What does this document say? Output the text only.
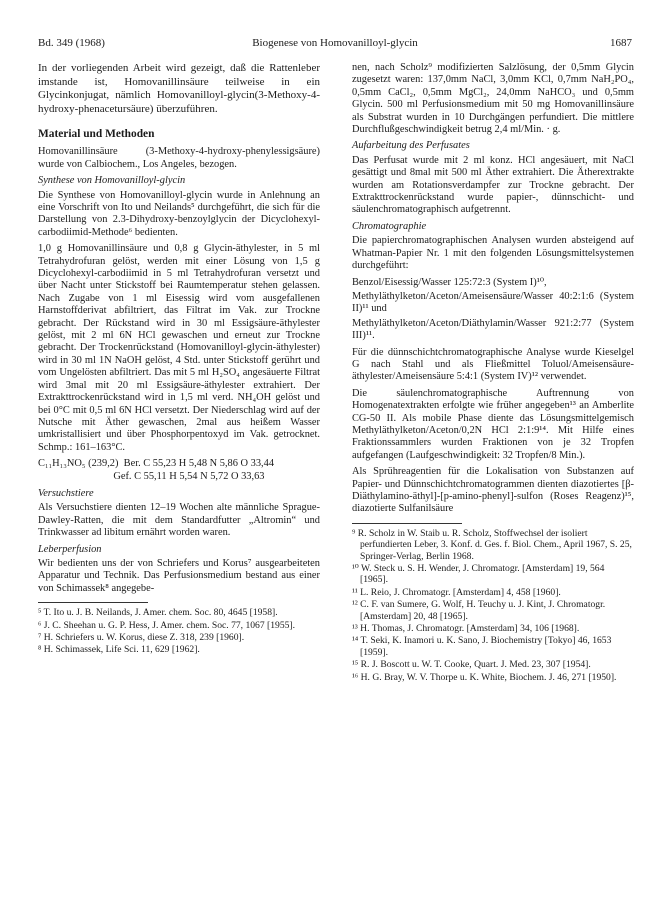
Bd. 349 (1968)	Biogenese von Homovanilloyl-glycin	1687

In der vorliegenden Arbeit wird gezeigt, daß die Rattenleber imstande ist, Homovanillinsäure teilweise in ein Glycinkonjugat, nämlich Homovanilloyl-glycin(3-Methoxy-4-hydroxy-phenacetursäure) überzuführen.

Material und Methoden

Homovanillinsäure (3-Methoxy-4-hydroxy-phenylessigsäure) wurde von Calbiochem., Los Angeles, bezogen.

Synthese von Homovanilloyl-glycin

Die Synthese von Homovanilloyl-glycin wurde in Anlehnung an eine Vorschrift von Ito und Neilands⁵ durchgeführt, die sich für die Darstellung von 2.3-Dihydroxy-benzoylglycin der Dicyclohexyl-carbodiimid-Methode⁶ bedienten.

1,0 g Homovanillinsäure und 0,8 g Glycin-äthylester, in 5 ml Tetrahydrofuran gelöst, werden mit einer Lösung von 1,5 g Dicyclohexyl-carbodiimid in 5 ml Tetrahydrofuran versetzt und über Nacht unter Stickstoff bei Raumtemperatur stehen gelassen. Nach Zugabe von 1 ml Eisessig wird vom ausgefallenen Harnstoffderivat abfiltriert, das Filtrat im Vak. zur Trockne gebracht. Der Rückstand wird in 30 ml Essigsäure-äthylester gelöst, mit 2 ml 6N HCl gewaschen und erneut zur Trockne gebracht. Der Trockenrückstand (Homovanilloyl-glycin-äthylester) wird in 30 ml 1N NaOH gelöst, 4 Std. unter Stickstoff gerührt und vom Ungelösten abfiltriert. Das mit 5 ml H₂SO₄ angesäuerte Filtrat wird 3mal mit 20 ml Essigsäure-äthylester extrahiert. Der Extrakttrockenrückstand wird in 1,5 ml verd. NH₄OH gelöst und bei 0°C mit 0,5 ml 6N HCl versetzt. Der Niederschlag wird auf der Nutsche mit Äther gewaschen, 2mal aus heißem Wasser umkristallisiert und über Phosphorpentoxyd im Vak. getrocknet. Schmp.: 161–163°C.

C₁₁H₁₃NO₅ (239,2)  Ber. C 55,23 H 5,48 N 5,86 O 33,44
Gef. C 55,11 H 5,54 N 5,72 O 33,63
Versuchstiere

Als Versuchstiere dienten 12–19 Wochen alte männliche Sprague-Dawley-Ratten, die mit dem Standardfutter „Altromin“ und Trinkwasser ad libitum ernährt worden waren.

Leberperfusion

Wir bedienten uns der von Schriefers und Korus⁷ ausgearbeiteten Apparatur und Technik. Das Perfusionsmedium bestand aus einer von Schimassek⁸ angegebe-

⁵ T. Ito u. J. B. Neilands, J. Amer. chem. Soc. 80, 4645 [1958].

⁶ J. C. Sheehan u. G. P. Hess, J. Amer. chem. Soc. 77, 1067 [1955].

⁷ H. Schriefers u. W. Korus, diese Z. 318, 239 [1960].

⁸ H. Schimassek, Life Sci. 11, 629 [1962].

nen, nach Scholz⁹ modifizierten Salzlösung, der 0,5mm Glycin zugesetzt waren: 137,0mm NaCl, 3,0mm KCl, 0,7mm NaH₂PO₄, 0,5mm CaCl₂, 0,5mm MgCl₂, 24,0mm NaHCO₃ und 0,5mm Glycin. 500 ml Perfusionsmedium mit 50 mg Homovanillinsäure als Substrat wurden in 10 Durchgängen perfundiert. Die mittlere Durchflußgeschwindigkeit betrug 2,4 ml/Min. · g.

Aufarbeitung des Perfusates

Das Perfusat wurde mit 2 ml konz. HCl angesäuert, mit NaCl gesättigt und 8mal mit 500 ml Äther extrahiert. Die Ätherextrakte wurden am Rotationsverdampfer zur Trockne gebracht. Der Extrakttrockenrückstand wurde papier-, dünnschicht- und säulenchromatographisch aufgetrennt.

Chromatographie

Die papierchromatographischen Analysen wurden absteigend auf Whatman-Papier Nr. 1 mit den folgenden Lösungsmittelsystemen durchgeführt:

Benzol/Eisessig/Wasser 125:72:3 (System I)¹⁰,

Methyläthylketon/Aceton/Ameisensäure/Wasser 40:2:1:6 (System II)¹¹ und

Methyläthylketon/Aceton/Diäthylamin/Wasser 921:2:77 (System III)¹¹.

Für die dünnschichtchromatographische Analyse wurde Kieselgel G nach Stahl und als Fließmittel Toluol/Ameisensäure-äthylester/Ameisensäure 5:4:1 (System IV)¹² verwendet.

Die säulenchromatographische Auftrennung von Homogenatextrakten erfolgte wie früher angegeben¹³ an Amberlite CG-50 II. Als mobile Phase diente das Lösungsmittelgemisch Methyläthylketon/Aceton/0,2N HCl 2:1:9¹⁴. Mit Hilfe eines Fraktionssammlers wurden Fraktionen von je 32 Tropfen aufgefangen (Laufgeschwindigkeit: 32 Tropfen/8 Min.).

Als Sprühreagentien für die Lokalisation von Substanzen auf Papier- und Dünnschichtchromatogrammen dienten diazotiertes [β-Diäthylamino-äthyl]-[p-amino-phenyl]-sulfon (Roses Reagenz)¹⁵, diazotierte Sulfanilsäure

⁹ R. Scholz in W. Staib u. R. Scholz, Stoffwechsel der isoliert perfundierten Leber, 3. Konf. d. Ges. f. Biol. Chem., April 1967, S. 25, Springer-Verlag, Berlin 1968.

¹⁰ W. Steck u. S. H. Wender, J. Chromatogr. [Amsterdam] 19, 564 [1965].

¹¹ L. Reio, J. Chromatogr. [Amsterdam] 4, 458 [1960].

¹² C. F. van Sumere, G. Wolf, H. Teuchy u. J. Kint, J. Chromatogr. [Amsterdam] 20, 48 [1965].

¹³ H. Thomas, J. Chromatogr. [Amsterdam] 34, 106 [1968].

¹⁴ T. Seki, K. Inamori u. K. Sano, J. Biochemistry [Tokyo] 46, 1653 [1959].

¹⁵ R. J. Boscott u. W. T. Cooke, Quart. J. Med. 23, 307 [1954].

¹⁶ H. G. Bray, W. V. Thorpe u. K. White, Biochem. J. 46, 271 [1950].
